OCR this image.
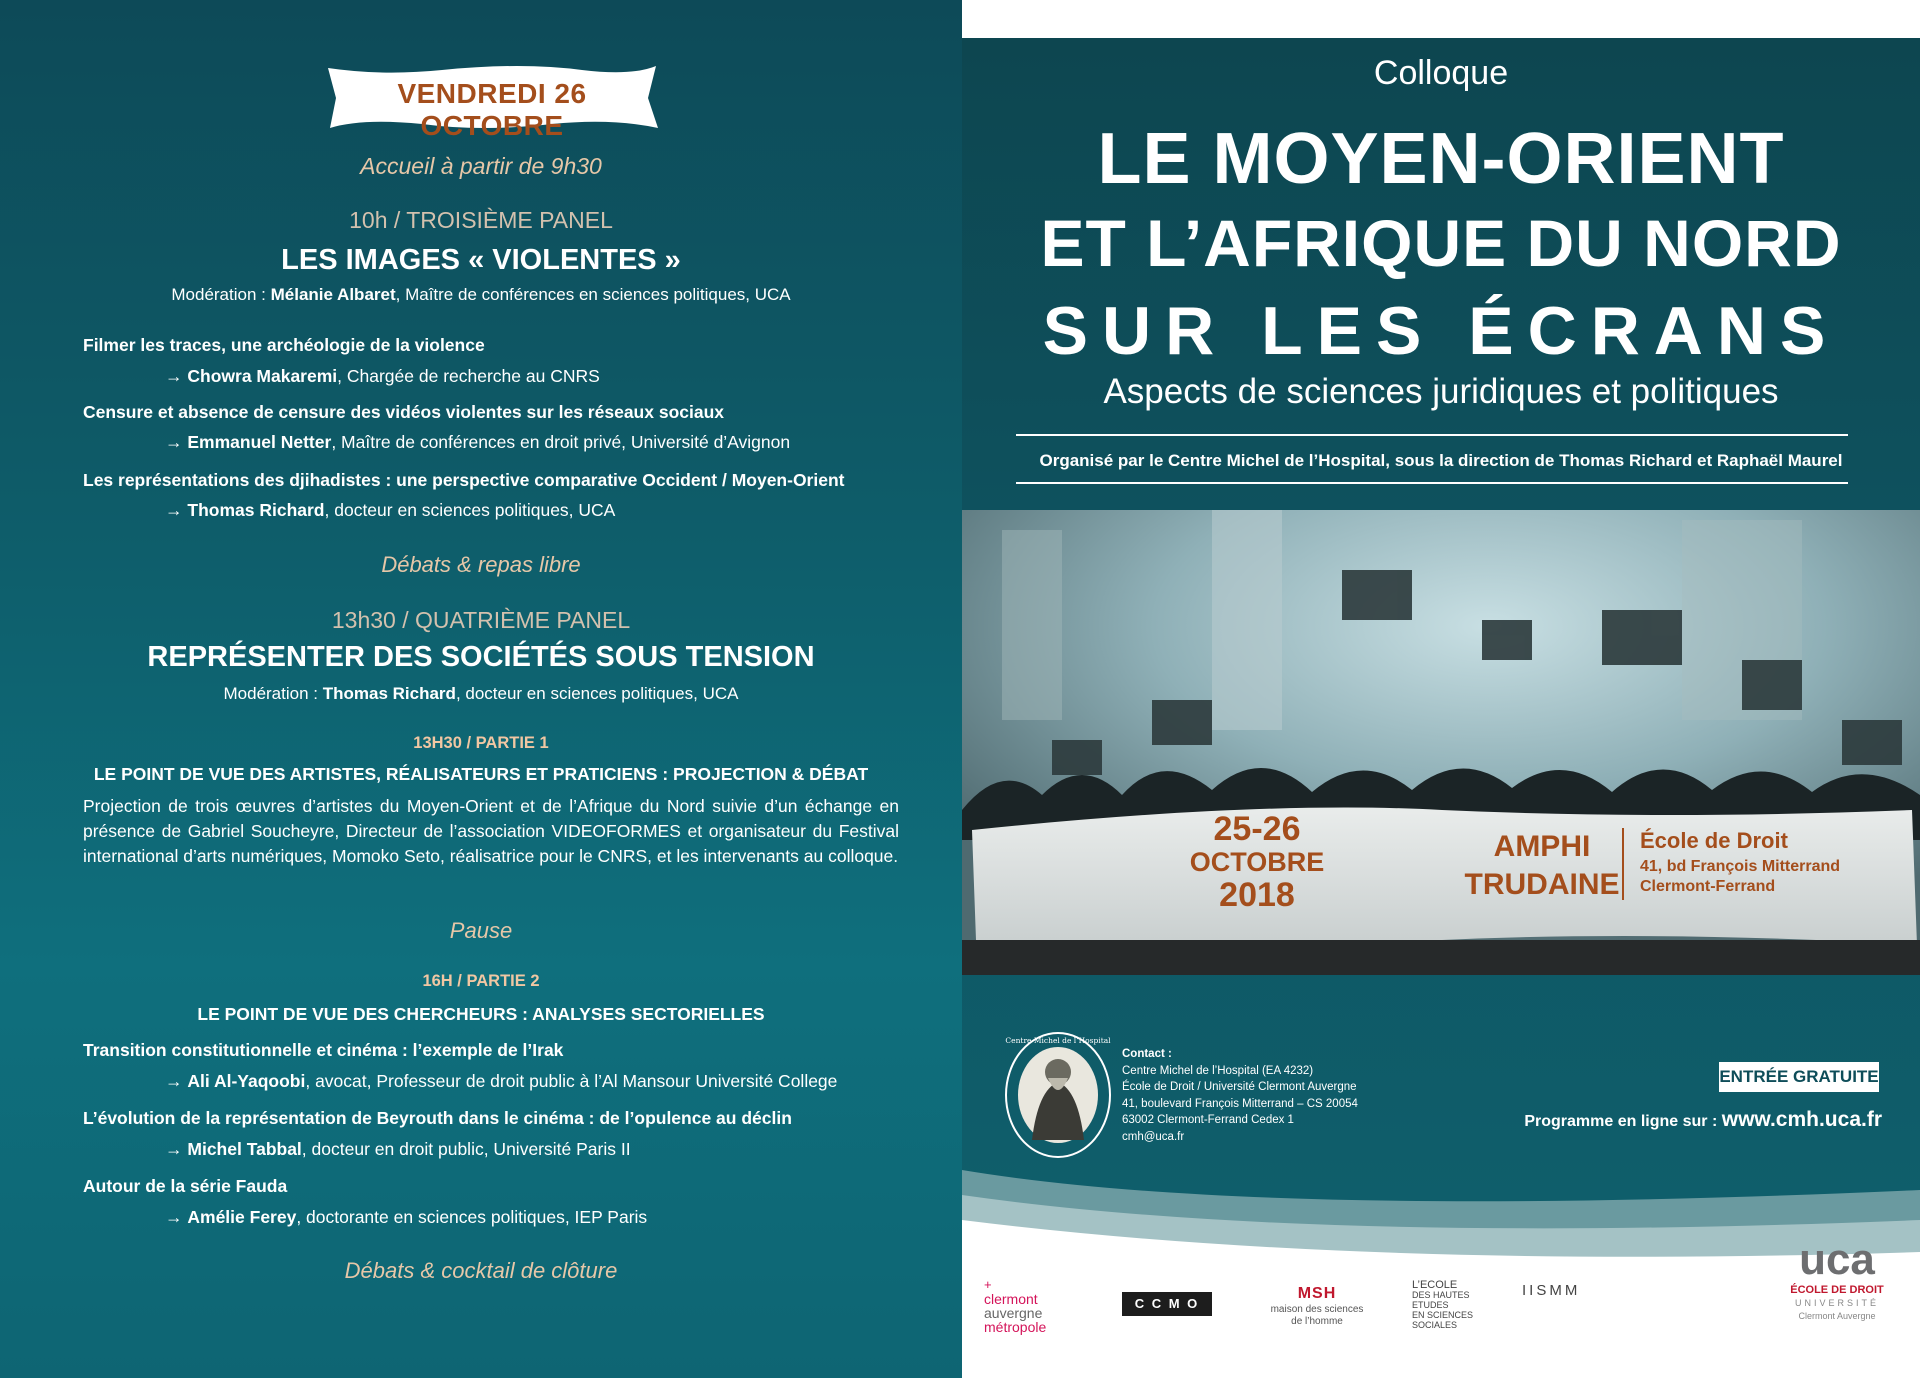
VENDREDI 26 OCTOBRE
Accueil à partir de 9h30
10h / TROISIÈME PANEL
LES IMAGES « VIOLENTES »
Modération : Mélanie Albaret, Maître de conférences en sciences politiques, UCA
Filmer les traces, une archéologie de la violence
→ Chowra Makaremi, Chargée de recherche au CNRS
Censure et absence de censure des vidéos violentes sur les réseaux sociaux
→ Emmanuel Netter, Maître de conférences en droit privé, Université d’Avignon
Les représentations des djihadistes : une perspective comparative Occident / Moyen-Orient
→ Thomas Richard, docteur en sciences politiques, UCA
Débats & repas libre
13h30 / QUATRIÈME PANEL
REPRÉSENTER DES SOCIÉTÉS SOUS TENSION
Modération : Thomas Richard, docteur en sciences politiques, UCA
13H30 / PARTIE 1
LE POINT DE VUE DES ARTISTES, RÉALISATEURS ET PRATICIENS : PROJECTION & DÉBAT
Projection de trois œuvres d’artistes du Moyen-Orient et de l’Afrique du Nord suivie d’un échange en présence de Gabriel Soucheyre, Directeur de l’association VIDEOFORMES et organisateur du Festival international d’arts numériques, Momoko Seto, réalisatrice pour le CNRS, et les intervenants au colloque.
Pause
16H / PARTIE 2
LE POINT DE VUE DES CHERCHEURS : ANALYSES SECTORIELLES
Transition constitutionnelle et cinéma : l’exemple de l’Irak
→ Ali Al-Yaqoobi, avocat, Professeur de droit public à l’Al Mansour Université College
L’évolution de la représentation de Beyrouth dans le cinéma : de l’opulence au déclin
→ Michel Tabbal, docteur en droit public, Université Paris II
Autour de la série Fauda
→ Amélie Ferey, doctorante en sciences politiques, IEP Paris
Débats & cocktail de clôture
Colloque
LE MOYEN-ORIENT
ET L’AFRIQUE DU NORD
SUR LES ÉCRANS
Aspects de sciences juridiques et politiques
Organisé par le Centre Michel de l’Hospital, sous la direction de Thomas Richard et Raphaël Maurel
25-26
OCTOBRE
2018
AMPHI
TRUDAINE
École de Droit
41, bd François Mitterrand
Clermont-Ferrand
Centre Michel de l’Hospital
Contact :
Centre Michel de l’Hospital (EA 4232)
École de Droit / Université Clermont Auvergne
41, boulevard François Mitterrand – CS 20054
63002 Clermont-Ferrand Cedex 1
cmh@uca.fr
ENTRÉE GRATUITE
Programme en ligne sur : www.cmh.uca.fr
+
clermont
auvergne
métropole
C C M O
MSH
maison des sciences
de l’homme
L’ECOLE
DES HAUTES
ETUDES
EN SCIENCES
SOCIALES
IISMM
uca
ÉCOLE DE DROIT
UNIVERSITÉ
Clermont Auvergne
